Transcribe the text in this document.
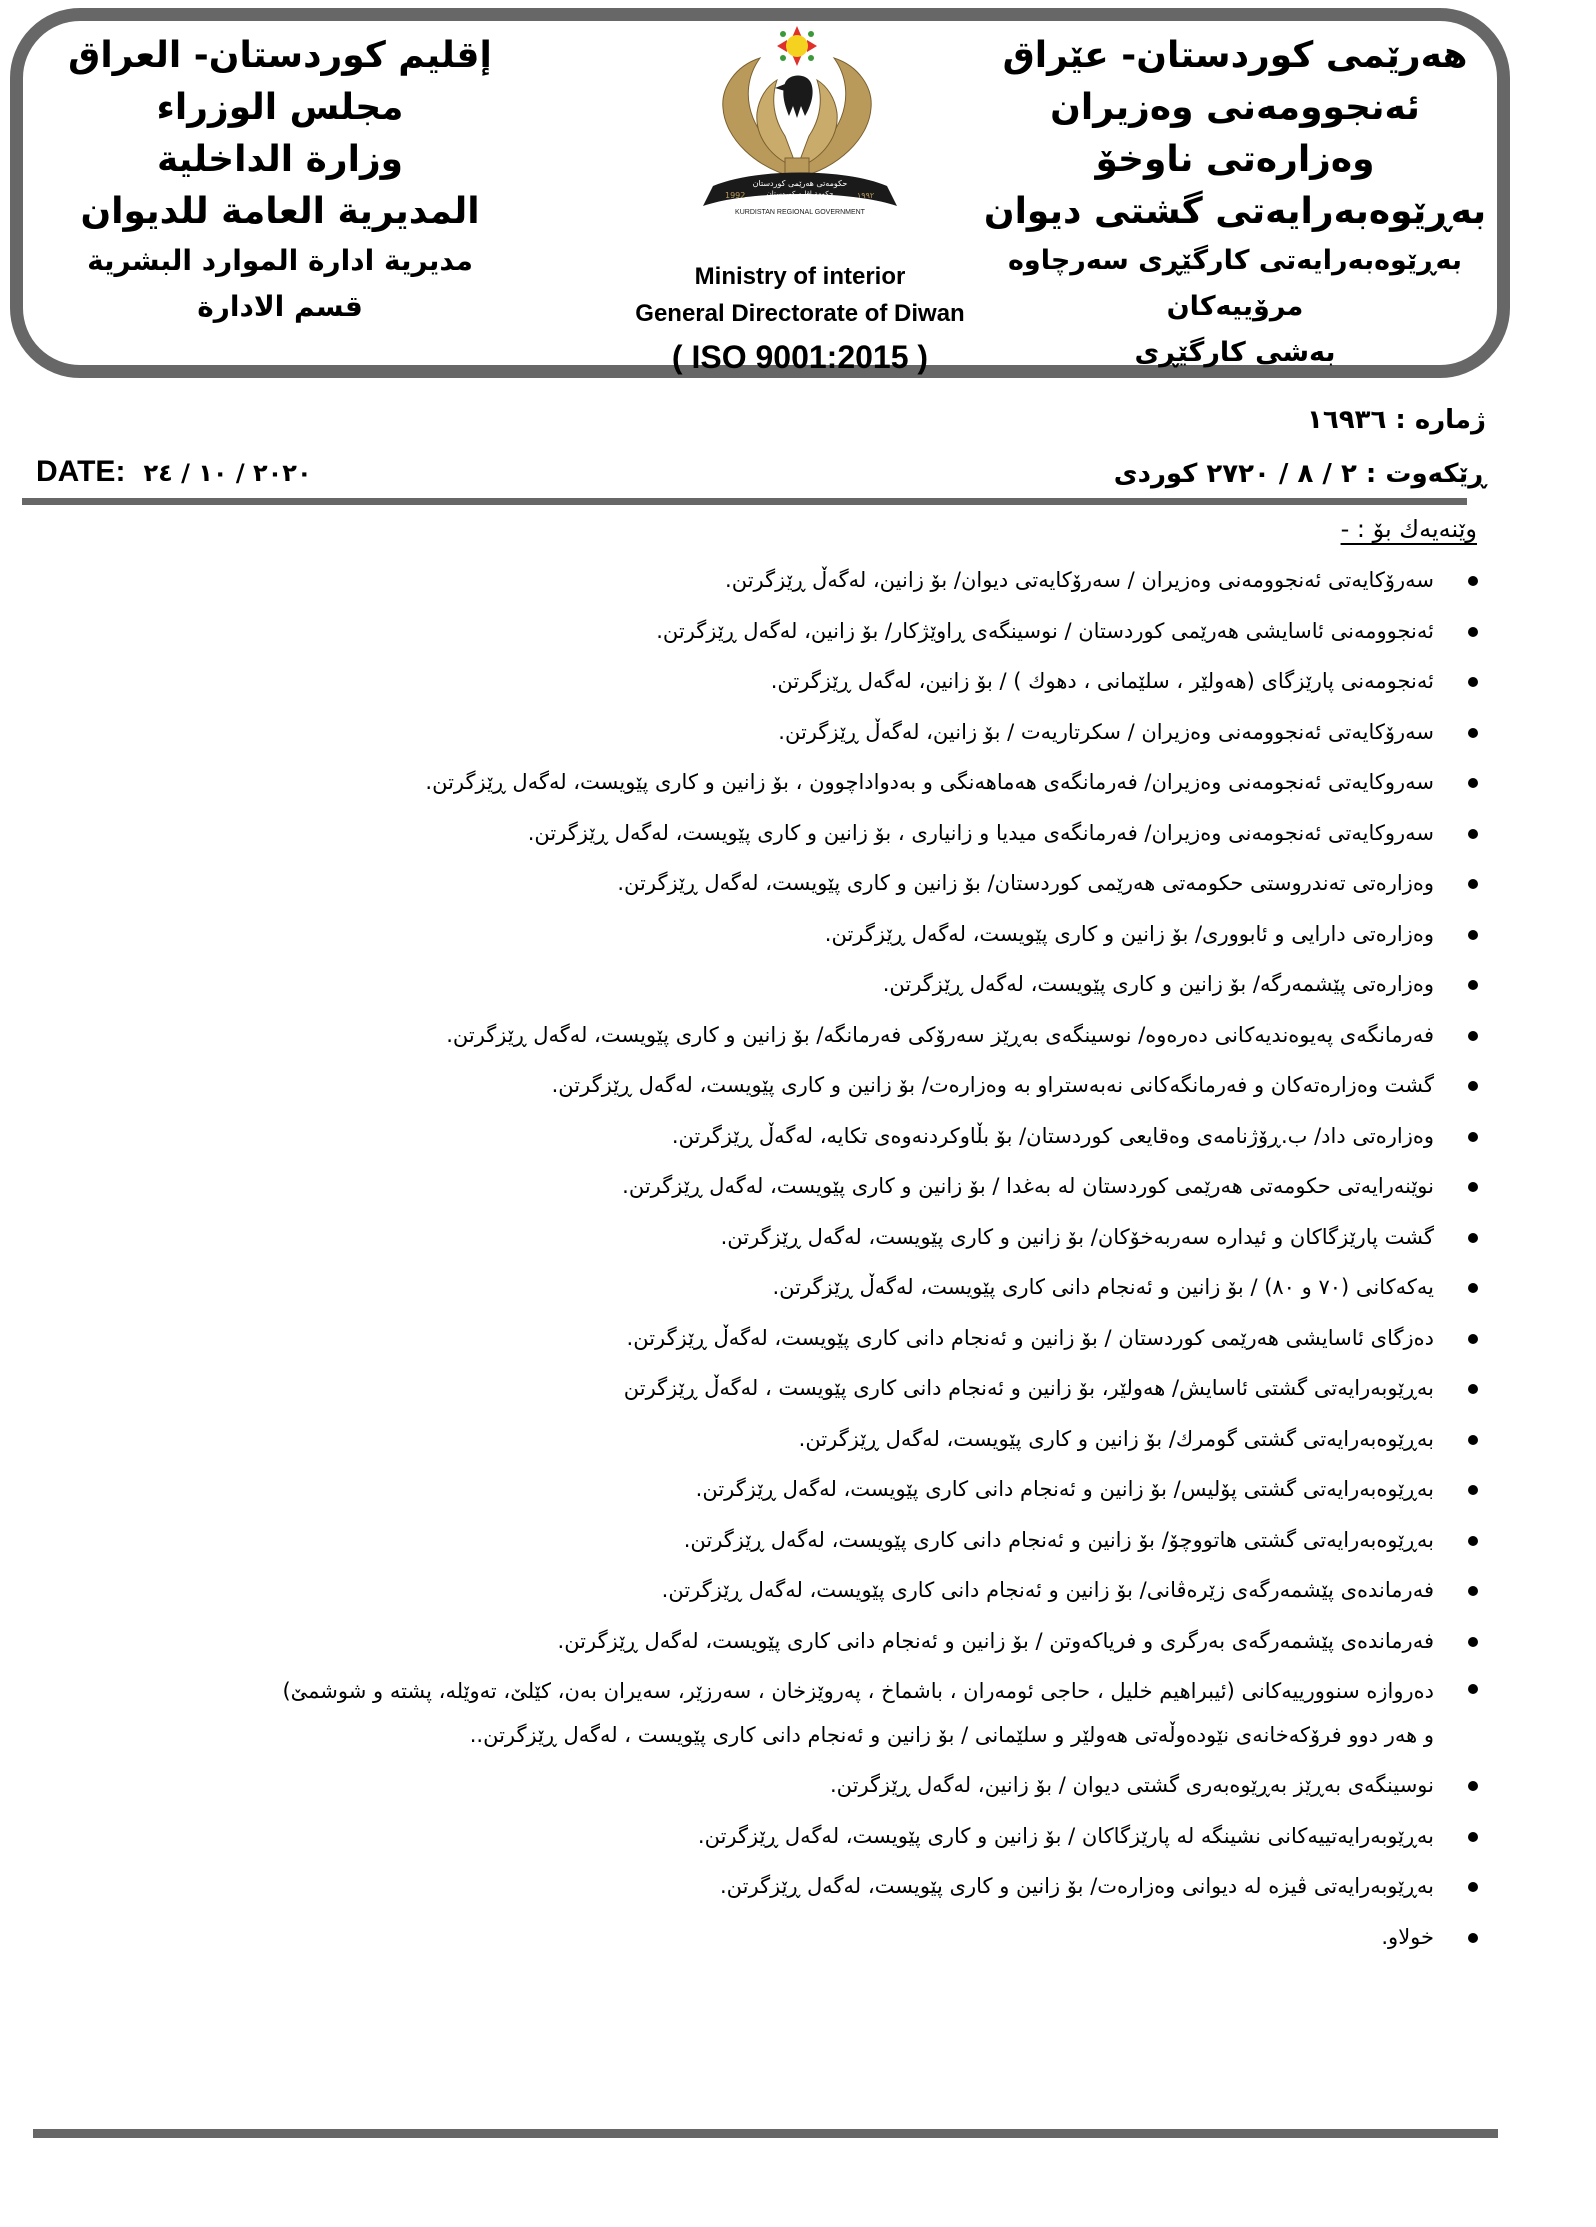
إقليم كوردستان- العراق
مجلس الوزراء
وزارة الداخلية
المديرية العامة للديوان
مديرية ادارة الموارد البشرية
قسم الادارة
1992	١٩٩٢
حکومەتی هەرێمی کوردستان
حكومة إقليم كوردستان
KURDISTAN REGIONAL GOVERNMENT
Ministry of interior
General Directorate of Diwan
( ISO 9001:2015 )
هەرێمی کوردستان- عێراق
ئەنجوومەنی وەزیران
وەزارەتی ناوخۆ
بەڕێوەبەرایەتی گشتی دیوان
بەڕێوەبەرایەتی کارگێڕی سەرچاوە مرۆییەکان
بەشی کارگێڕی
ژمارە : ١٦٩٣٦
ڕێکەوت : ٢ / ٨ / ٢٧٢٠ کوردی
DATE: ٢٠٢٠ / ١٠ / ٢٤
وێنەیەك بۆ : -
سەرۆکایەتی ئەنجوومەنی وەزیران / سەرۆکایەتی دیوان/ بۆ زانین، لەگەڵ ڕێزگرتن.
ئەنجوومەنی ئاسایشی هەرێمی کوردستان / نوسینگەی ڕاوێژکار/ بۆ زانین، لەگەل ڕێزگرتن.
ئەنجومەنی پارێزگای (هەولێر ، سلێمانی ، دهوك ) / بۆ زانین، لەگەل ڕێزگرتن.
سەرۆکایەتی ئەنجوومەنی وەزیران / سکرتاریەت / بۆ زانین، لەگەڵ ڕێزگرتن.
سەروکایەتی ئەنجومەنی وەزیران/ فەرمانگەی هەماهەنگی و بەدواداچوون ، بۆ زانین و کاری پێویست، لەگەل ڕێزگرتن.
سەروکایەتی ئەنجومەنی وەزیران/ فەرمانگەی میدیا و زانیاری ، بۆ زانین و کاری پێویست، لەگەل ڕێزگرتن.
وەزارەتی تەندروستی حکومەتی هەرێمی کوردستان/ بۆ زانین و کاری پێویست، لەگەل ڕێزگرتن.
وەزارەتی دارایی و ئابووری/ بۆ زانین و کاری پێویست، لەگەل ڕێزگرتن.
وەزارەتی پێشمەرگە/ بۆ زانین و کاری پێویست، لەگەل ڕێزگرتن.
فەرمانگەی پەیوەندیەکانی دەرەوە/ نوسینگەی بەڕێز سەرۆکی فەرمانگە/ بۆ زانین و کاری پێویست، لەگەل ڕێزگرتن.
گشت وەزارەتەکان و فەرمانگەکانی نەبەستراو بە وەزارەت/ بۆ زانین و کاری پێویست، لەگەل ڕێزگرتن.
وەزارەتی داد/ ب.ڕۆژنامەی وەقایعی کوردستان/ بۆ بڵاوکردنەوەی تکایە، لەگەڵ ڕێزگرتن.
نوێنەرایەتی حکومەتی هەرێمی کوردستان لە بەغدا / بۆ زانین و کاری پێویست، لەگەل ڕێزگرتن.
گشت پارێزگاکان و ئیدارە سەربەخۆکان/ بۆ زانین و کاری پێویست، لەگەل ڕێزگرتن.
یەکەکانی (٧٠ و ٨٠) / بۆ زانین و ئەنجام دانی کاری پێویست، لەگەڵ ڕێزگرتن.
دەزگای ئاسایشی هەرێمی کوردستان / بۆ زانین و ئەنجام دانی کاری پێویست، لەگەڵ ڕێزگرتن.
بەڕێوبەرایەتی گشتی ئاسایش/ هەولێر، بۆ زانین و ئەنجام دانی کاری پێویست ، لەگەڵ ڕێزگرتن
بەڕێوەبەرایەتی گشتی گومرك/ بۆ زانین و کاری پێویست، لەگەل ڕێزگرتن.
بەڕێوەبەرایەتی گشتی پۆلیس/ بۆ زانین و ئەنجام دانی کاری پێویست، لەگەل ڕێزگرتن.
بەڕێوەبەرایەتی گشتی هاتووچۆ/ بۆ زانین و ئەنجام دانی کاری پێویست، لەگەل ڕێزگرتن.
فەرماندەی پێشمەرگەی زێرەڤانی/ بۆ زانین و ئەنجام دانی کاری پێویست، لەگەل ڕێزگرتن.
فەرماندەی پێشمەرگەی بەرگری و فریاکەوتن / بۆ زانین و ئەنجام دانی کاری پێویست، لەگەل ڕێزگرتن.
دەروازە سنوورییەکانی (ئیبراهیم خلیل ، حاجی ئومەران ، باشماخ ، پەروێزخان ، سەرزێر، سەیران بەن، کێلێ، تەوێلە، پشتە و شوشمێ)
و هەر دوو فرۆکەخانەی نێودەوڵەتی هەولێر و سلێمانی / بۆ زانین و ئەنجام دانی کاری پێویست ، لەگەل ڕێزگرتن..
نوسینگەی بەڕێز بەڕێوەبەری گشتی دیوان / بۆ زانین، لەگەل ڕێزگرتن.
بەڕێوبەرایەتییەکانی نشینگە لە پارێزگاکان / بۆ زانین و کاری پێویست، لەگەل ڕێزگرتن.
بەڕێوبەرایەتی ڤیزە لە دیوانی وەزارەت/ بۆ زانین و کاری پێویست، لەگەل ڕێزگرتن.
خولاو.
